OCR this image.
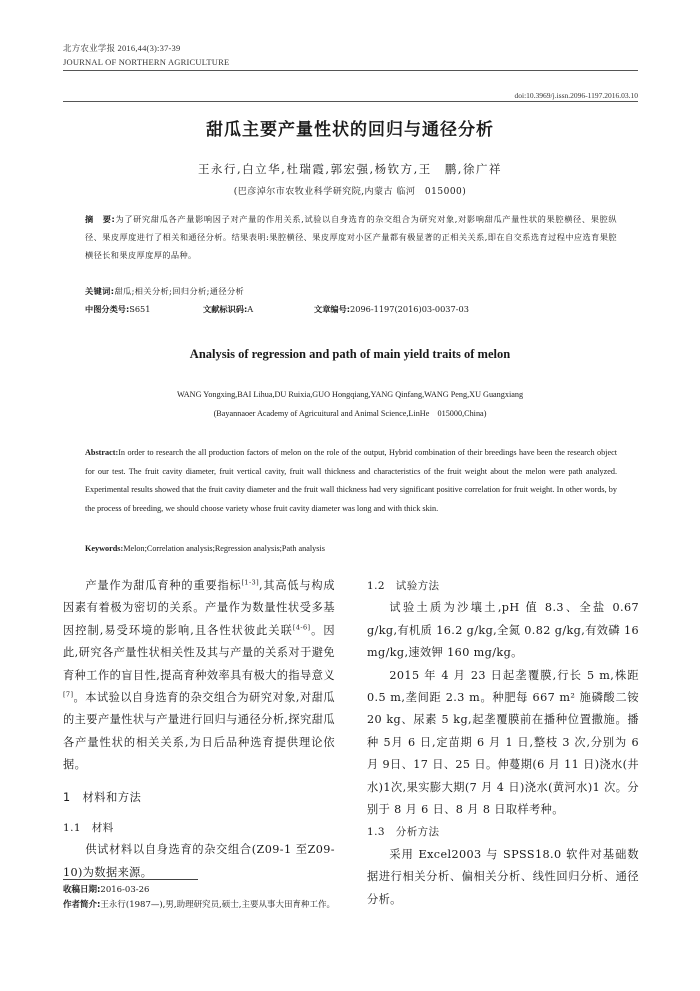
北方农业学报 2016,44(3):37-39
JOURNAL OF NORTHERN AGRICULTURE
doi:10.3969/j.issn.2096-1197.2016.03.10
甜瓜主要产量性状的回归与通径分析
王永行,白立华,杜瑞霞,郭宏强,杨钦方,王　鹏,徐广祥
(巴彦淖尔市农牧业科学研究院,内蒙古 临河　015000)
摘　要:为了研究甜瓜各产量影响因子对产量的作用关系,试验以自身选育的杂交组合为研究对象,对影响甜瓜产量性状的果腔横径、果腔纵径、果皮厚度进行了相关和通径分析。结果表明:果腔横径、果皮厚度对小区产量都有极显著的正相关关系,即在自交系选育过程中应选育果腔横径长和果皮厚度厚的品种。
关键词:甜瓜;相关分析;回归分析;通径分析
中图分类号:S651	文献标识码:A	文章编号:2096-1197(2016)03-0037-03
Analysis of regression and path of main yield traits of melon
WANG Yongxing,BAI Lihua,DU Ruixia,GUO Hongqiang,YANG Qinfang,WANG Peng,XU Guangxiang
(Bayannaoer Academy of Agricuitural and Animal Science,LinHe　015000,China)
Abstract:In order to research the all production factors of melon on the role of the output, Hybrid combination of their breedings have been the research object for our test. The fruit cavity diameter, fruit vertical cavity, fruit wall thickness and characteristics of the fruit weight about the melon were path analyzed. Experimental results showed that the fruit cavity diameter and the fruit wall thickness had very significant positive correlation for fruit weight. In other words, by the process of breeding, we should choose variety whose fruit cavity diameter was long and with thick skin.
Keywords:Melon;Correlation analysis;Regression analysis;Path analysis

产量作为甜瓜育种的重要指标[1-3],其高低与构成因素有着极为密切的关系。产量作为数量性状受多基因控制,易受环境的影响,且各性状彼此关联[4-6]。因此,研究各产量性状相关性及其与产量的关系对于避免育种工作的盲目性,提高育种效率具有极大的指导意义[7]。本试验以自身选育的杂交组合为研究对象,对甜瓜的主要产量性状与产量进行回归与通径分析,探究甜瓜各产量性状的相关关系,为日后品种选育提供理论依据。

1　材料和方法
1.1　材料

供试材料以自身选育的杂交组合(Z09-1 至Z09-10)为数据来源。

1.2　试验方法

试验土质为沙壤土,pH 值 8.3、全盐 0.67 g/kg,有机质 16.2 g/kg,全氮 0.82 g/kg,有效磷 16 mg/kg,速效钾 160 mg/kg。

2015 年 4 月 23 日起垄覆膜,行长 5 m,株距0.5 m,垄间距 2.3 m。种肥每 667 m² 施磷酸二铵 20 kg、尿素 5 kg,起垄覆膜前在播种位置撒施。播种 5月 6 日,定苗期 6 月 1 日,整枝 3 次,分别为 6 月 9日、17 日、25 日。伸蔓期(6 月 11 日)浇水(井水)1次,果实膨大期(7 月 4 日)浇水(黄河水)1 次。分别于 8 月 6 日、8 月 8 日取样考种。

1.3　分析方法

采用 Excel2003 与 SPSS18.0 软件对基础数据进行相关分析、偏相关分析、线性回归分析、通径分析。

收稿日期:2016-03-26
作者简介:王永行(1987—),男,助理研究员,硕士,主要从事大田育种工作。
